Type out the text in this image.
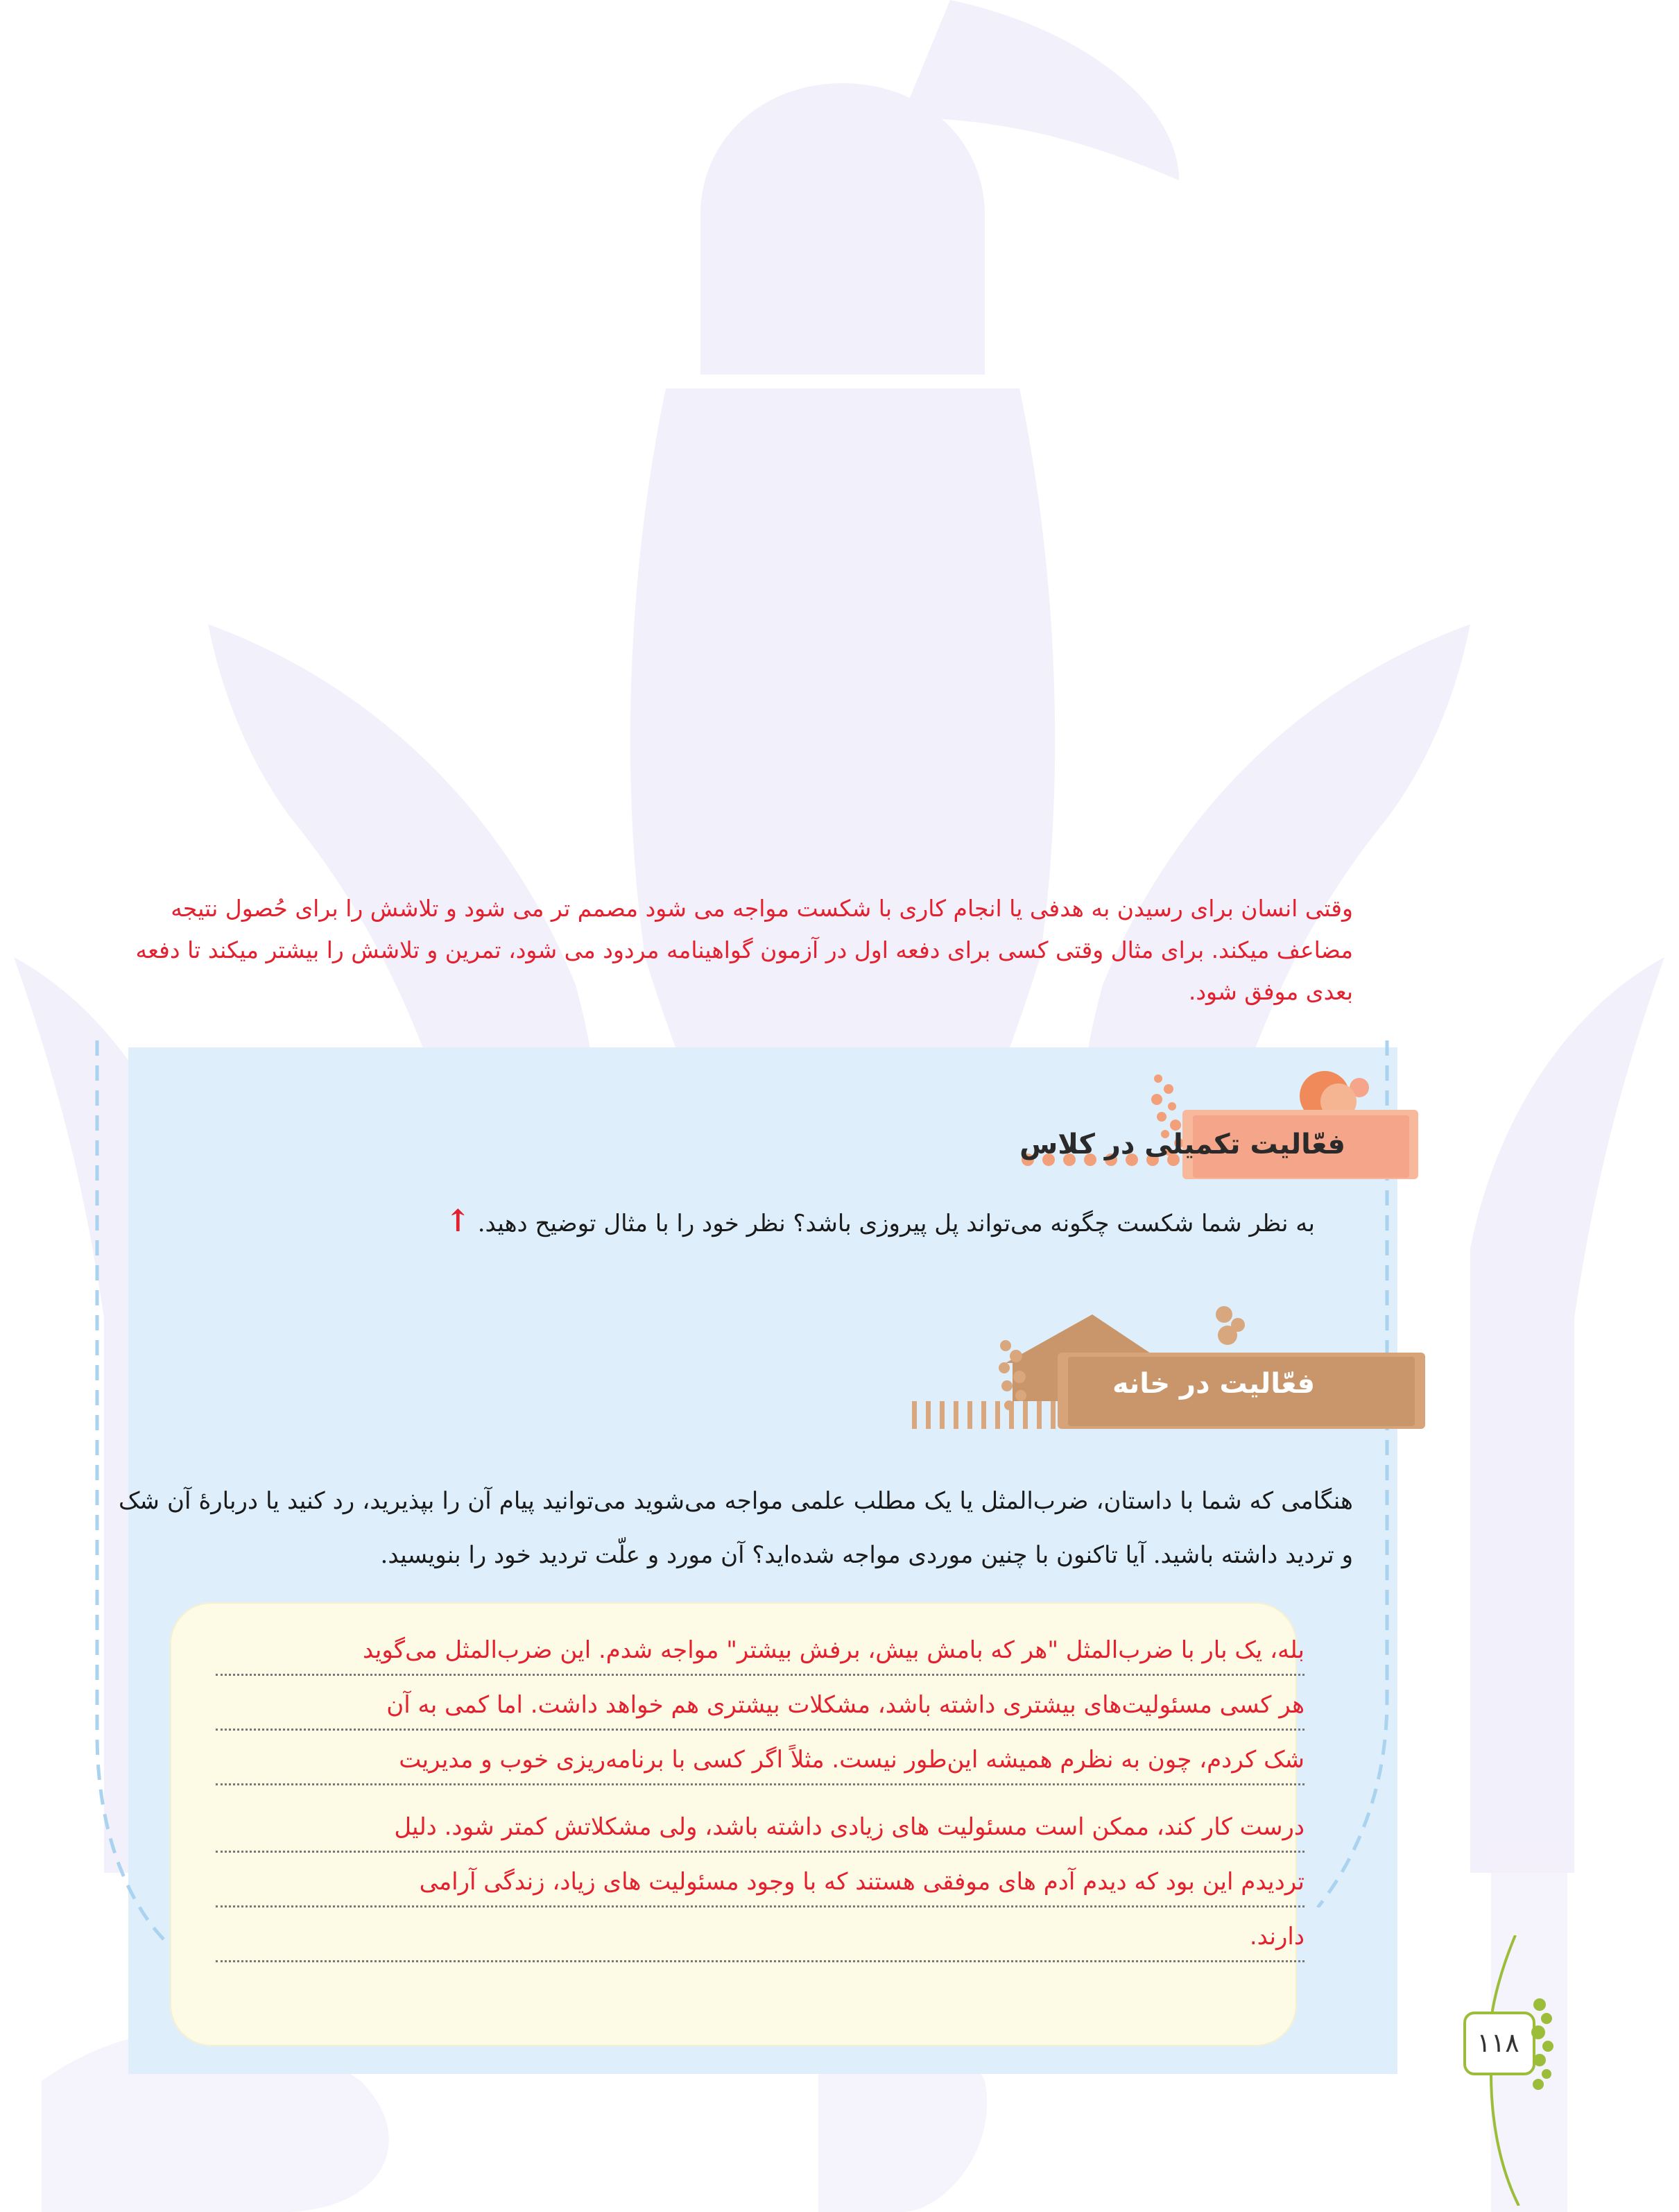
وقتی انسان برای رسیدن به هدفی یا انجام کاری با شکست مواجه می شود مصمم تر می شود و تلاشش را برای حُصول نتیجه مضاعف میکند. برای مثال وقتی کسی برای دفعه اول در آزمون گواهینامه مردود می شود، تمرین و تلاشش را بیشتر میکند تا دفعه بعدی موفق شود.
فعّالیت تکمیلی در کلاس
به نظر شما شکست چگونه می‌تواند پل پیروزی باشد؟ نظر خود را با مثال توضیح دهید.↑
فعّالیت در خانه
هنگامی که شما با داستان، ضرب‌المثل یا یک مطلب علمی مواجه می‌شوید می‌توانید پیام آن را بپذیرید، رد کنید یا دربارهٔ آن شک و تردید داشته باشید. آیا تاکنون با چنین موردی مواجه شده‌اید؟ آن مورد و علّت تردید خود را بنویسید.
بله، یک بار با ضرب‌المثل "هر که بامش بیش، برفش بیشتر" مواجه شدم. این ضرب‌المثل می‌گوید
هر کسی مسئولیت‌های بیشتری داشته باشد، مشکلات بیشتری هم خواهد داشت. اما کمی به آن
شک کردم، چون به نظرم همیشه این‌طور نیست. مثلاً اگر کسی با برنامه‌ریزی خوب و مدیریت
درست کار کند، ممکن است مسئولیت های زیادی داشته باشد، ولی مشکلاتش کمتر شود. دلیل
تردیدم این بود که دیدم آدم های موفقی هستند که با وجود مسئولیت های زیاد، زندگی آرامی
دارند.
۱۱۸
